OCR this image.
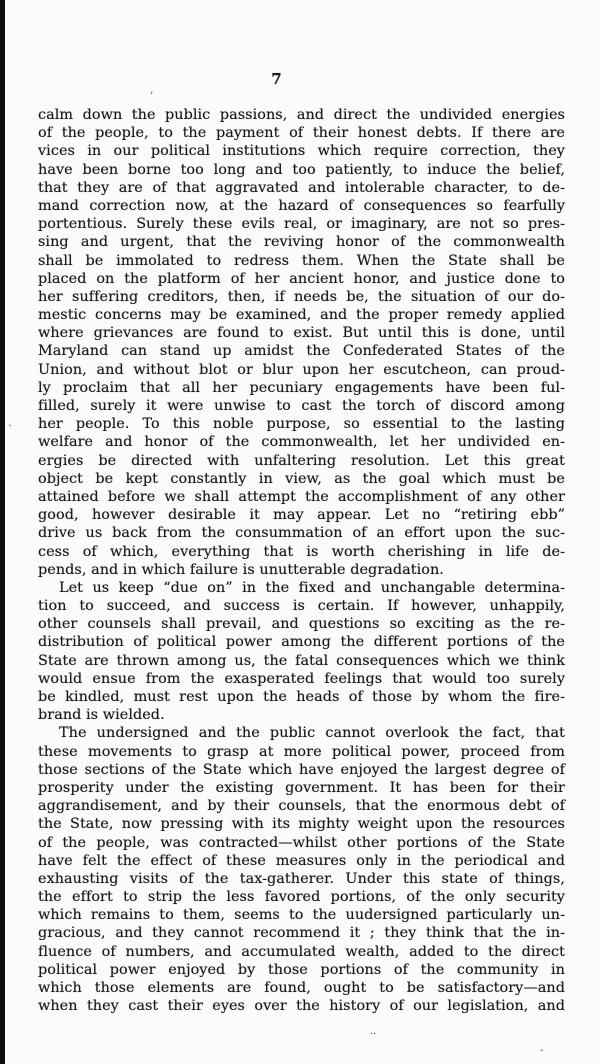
7
calm down the public passions, and direct the undivided energies
of the people, to the payment of their honest debts. If there are
vices in our political institutions which require correction, they
have been borne too long and too patiently, to induce the belief,
that they are of that aggravated and intolerable character, to de-
mand correction now, at the hazard of consequences so fearfully
portentious. Surely these evils real, or imaginary, are not so pres-
sing and urgent, that the reviving honor of the commonwealth
shall be immolated to redress them. When the State shall be
placed on the platform of her ancient honor, and justice done to
her suffering creditors, then, if needs be, the situation of our do-
mestic concerns may be examined, and the proper remedy applied
where grievances are found to exist. But until this is done, until
Maryland can stand up amidst the Confederated States of the
Union, and without blot or blur upon her escutcheon, can proud-
ly proclaim that all her pecuniary engagements have been ful-
filled, surely it were unwise to cast the torch of discord among
her people. To this noble purpose, so essential to the lasting
welfare and honor of the commonwealth, let her undivided en-
ergies be directed with unfaltering resolution. Let this great
object be kept constantly in view, as the goal which must be
attained before we shall attempt the accomplishment of any other
good, however desirable it may appear. Let no “retiring ebb”
drive us back from the consummation of an effort upon the suc-
cess of which, everything that is worth cherishing in life de-
pends, and in which failure is unutterable degradation.
Let us keep “due on” in the fixed and unchangable determina-
tion to succeed, and success is certain. If however, unhappily,
other counsels shall prevail, and questions so exciting as the re-
distribution of political power among the different portions of the
State are thrown among us, the fatal consequences which we think
would ensue from the exasperated feelings that would too surely
be kindled, must rest upon the heads of those by whom the fire-
brand is wielded.
The undersigned and the public cannot overlook the fact, that
these movements to grasp at more political power, proceed from
those sections of the State which have enjoyed the largest degree of
prosperity under the existing government. It has been for their
aggrandisement, and by their counsels, that the enormous debt of
the State, now pressing with its mighty weight upon the resources
of the people, was contracted—whilst other portions of the State
have felt the effect of these measures only in the periodical and
exhausting visits of the tax-gatherer. Under this state of things,
the effort to strip the less favored portions, of the only security
which remains to them, seems to the uudersigned particularly un-
gracious, and they cannot recommend it ; they think that the in-
fluence of numbers, and accumulated wealth, added to the direct
political power enjoyed by those portions of the community in
which those elements are found, ought to be satisfactory—and
when they cast their eyes over the history of our legislation, and
’
`
··
‐
